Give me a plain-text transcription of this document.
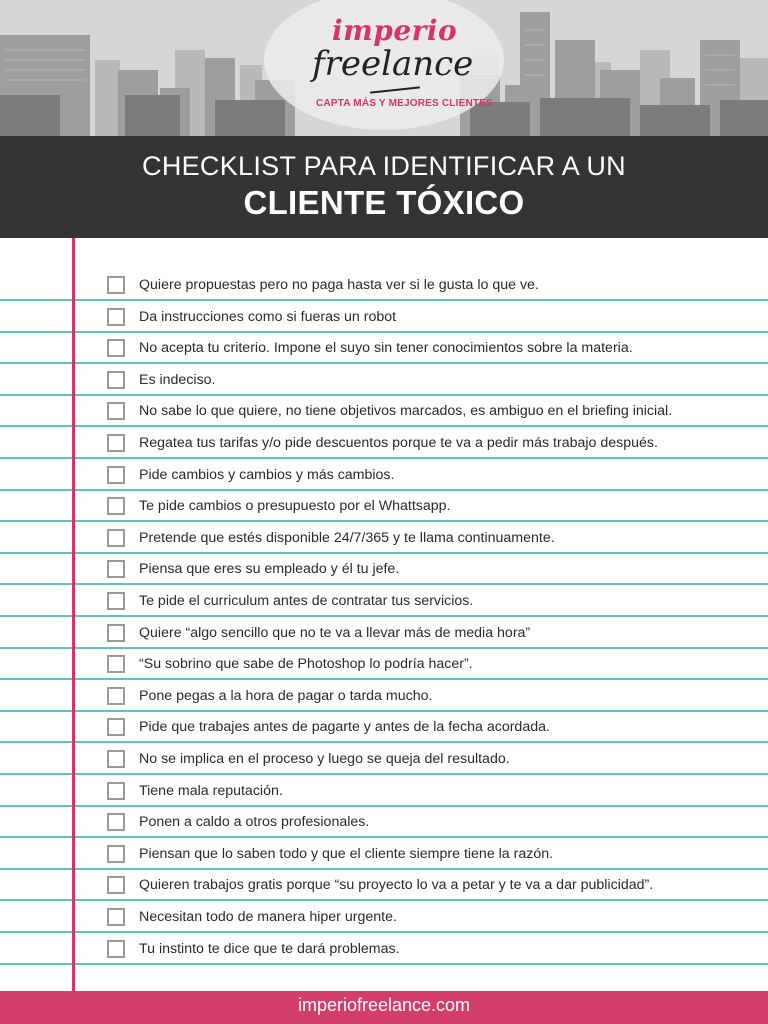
imperio
freelance
CAPTA MÁS Y MEJORES CLIENTES
CHECKLIST PARA IDENTIFICAR A UN
CLIENTE TÓXICO
Quiere propuestas pero no paga hasta ver si le gusta lo que ve.
Da instrucciones como si fueras un robot
No acepta tu criterio. Impone el suyo sin tener conocimientos sobre la materia.
Es indeciso.
No sabe lo que quiere, no tiene objetivos marcados, es ambiguo en el briefing inicial.
Regatea tus tarifas y/o pide descuentos porque te va a pedir más trabajo después.
Pide cambios y cambios y más cambios.
Te pide cambios o presupuesto por el Whattsapp.
Pretende que estés disponible 24/7/365 y te llama continuamente.
Piensa que eres su empleado y él tu jefe.
Te pide el curriculum antes de contratar tus servicios.
Quiere “algo sencillo que no te va a llevar más de media hora”
“Su sobrino que sabe de Photoshop lo podría hacer”.
Pone pegas a la hora de pagar o tarda mucho.
Pide que trabajes antes de pagarte y antes de la fecha acordada.
No se implica en el proceso y luego se queja del resultado.
Tiene mala reputación.
Ponen a caldo a otros profesionales.
Piensan que lo saben todo y que el cliente siempre tiene la razón.
Quieren trabajos gratis porque “su proyecto lo va a petar y te va a dar publicidad”.
Necesitan todo de manera hiper urgente.
Tu instinto te dice que te dará problemas.
imperiofreelance.com
